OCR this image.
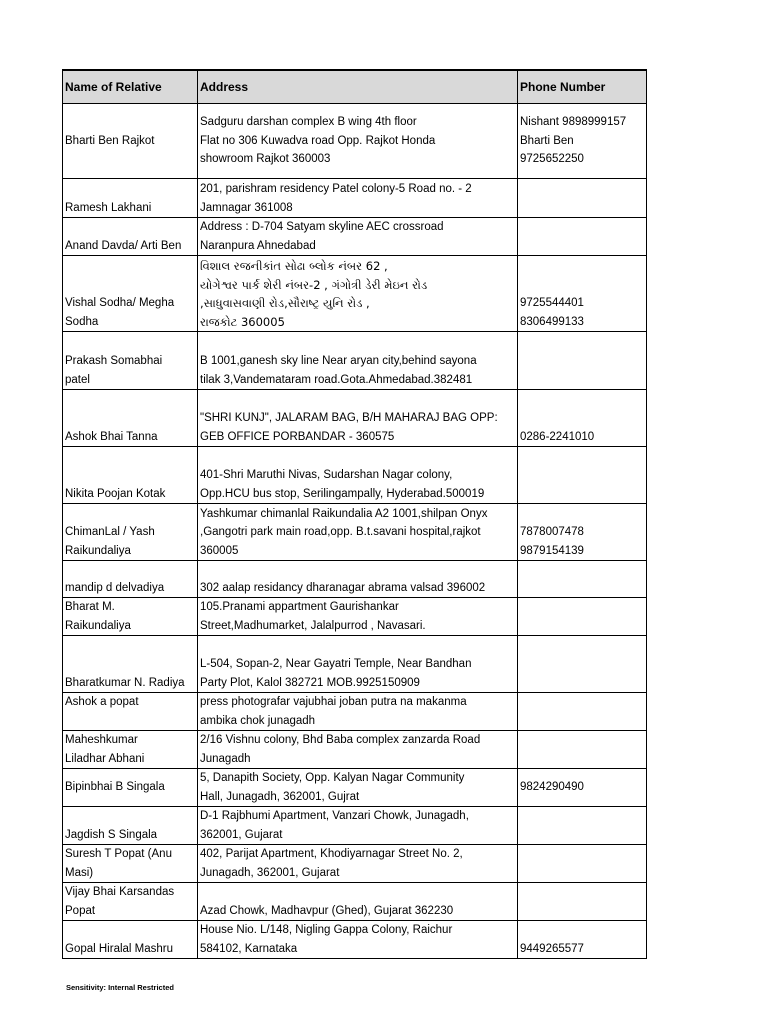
Name of Relative	Address	Phone Number
Bharti Ben Rajkot	Sadguru darshan complex B wing 4th floor
Flat no 306 Kuwadva road Opp. Rajkot Honda
showroom Rajkot 360003	Nishant 9898999157
Bharti Ben
9725652250
Ramesh Lakhani	201, parishram residency Patel colony-5 Road no. - 2
Jamnagar 361008	
Anand Davda/ Arti Ben	Address : D-704 Satyam skyline AEC crossroad
Naranpura Ahnedabad	
Vishal Sodha/ Megha
Sodha	વિશાલ રજનીકાંત સોઢા બ્લોક નંબર 62 ,
યોગેશ્વર પાર્ક શેરી નંબર-2 , ગંગોત્રી ડેરી મેઇન રોડ
,સાધુવાસવાણી રોડ,સૌરાષ્ટ્ર યુનિ રોડ ,
રાજકોટ 360005	9725544401
8306499133
Prakash Somabhai
patel	B 1001,ganesh sky line Near aryan city,behind sayona
tilak 3,Vandemataram road.Gota.Ahmedabad.382481	
Ashok Bhai Tanna	"SHRI KUNJ", JALARAM BAG, B/H MAHARAJ BAG OPP:
GEB OFFICE PORBANDAR - 360575	0286-2241010
Nikita Poojan Kotak	401-Shri Maruthi Nivas, Sudarshan Nagar colony,
Opp.HCU bus stop, Serilingampally, Hyderabad.500019	
ChimanLal / Yash
Raikundaliya	Yashkumar chimanlal Raikundalia A2 1001,shilpan Onyx
,Gangotri park main road,opp. B.t.savani hospital,rajkot
360005	7878007478
9879154139
mandip d delvadiya	302 aalap residancy dharanagar abrama valsad 396002	
Bharat M.
Raikundaliya	105.Pranami appartment Gaurishankar
Street,Madhumarket, Jalalpurrod , Navasari.	
Bharatkumar N. Radiya	L-504, Sopan-2, Near Gayatri Temple, Near Bandhan
Party Plot, Kalol 382721 MOB.9925150909	
Ashok a popat	press photografar vajubhai joban putra na makanma
ambika chok junagadh	
Maheshkumar
Liladhar Abhani	2/16 Vishnu colony, Bhd Baba complex zanzarda Road
Junagadh	
Bipinbhai B Singala	5, Danapith Society, Opp. Kalyan Nagar Community
Hall, Junagadh, 362001, Gujrat	9824290490
Jagdish S Singala	D-1 Rajbhumi Apartment, Vanzari Chowk, Junagadh,
362001, Gujarat	
Suresh T Popat (Anu
Masi)	402, Parijat Apartment, Khodiyarnagar Street No. 2,
Junagadh, 362001, Gujarat	
Vijay Bhai Karsandas
Popat	Azad Chowk, Madhavpur (Ghed), Gujarat 362230	
Gopal Hiralal Mashru	House Nio. L/148, Nigling Gappa Colony, Raichur
584102, Karnataka	9449265577
Sensitivity: Internal Restricted
